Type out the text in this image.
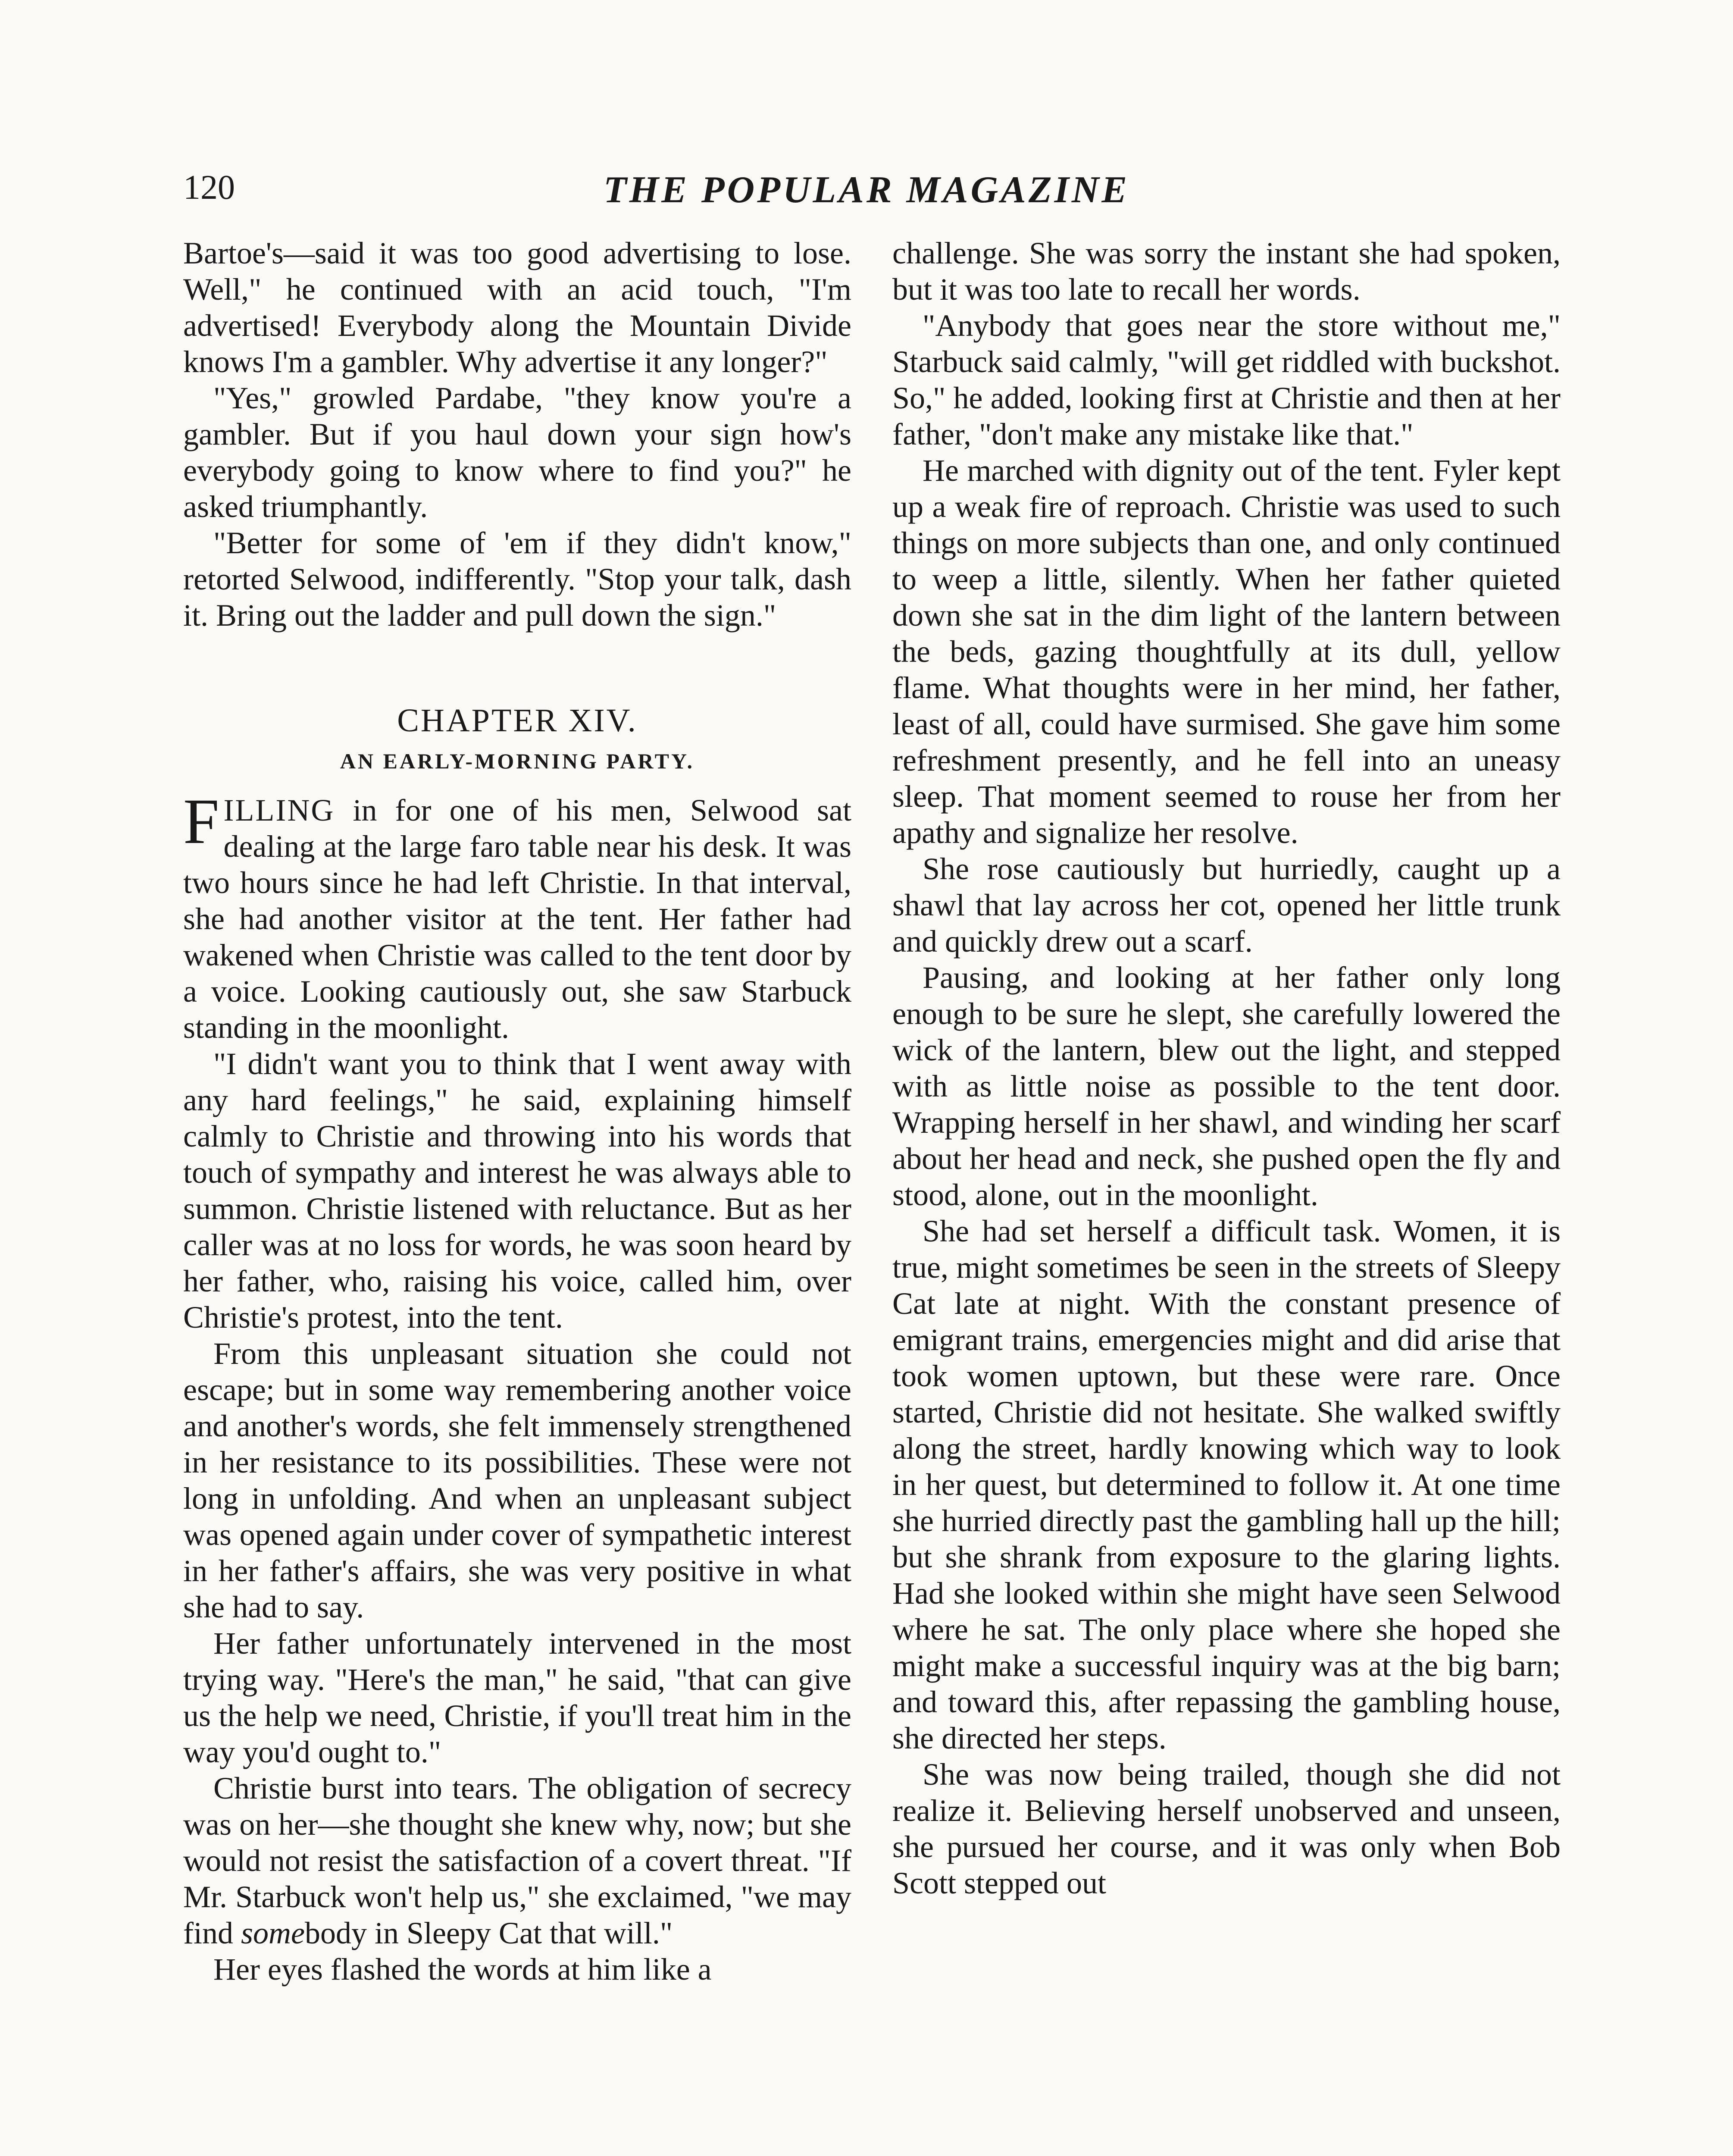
120	THE POPULAR MAGAZINE

Bartoe's—said it was too good advertising to lose. Well," he continued with an acid touch, "I'm advertised! Everybody along the Mountain Divide knows I'm a gambler. Why advertise it any longer?"

"Yes," growled Pardabe, "they know you're a gambler. But if you haul down your sign how's everybody going to know where to find you?" he asked triumphantly.

"Better for some of 'em if they didn't know," retorted Selwood, indifferently. "Stop your talk, dash it. Bring out the ladder and pull down the sign."

CHAPTER XIV.
AN EARLY-MORNING PARTY.

FILLING in for one of his men, Selwood sat dealing at the large faro table near his desk. It was two hours since he had left Christie. In that interval, she had another visitor at the tent. Her father had wakened when Christie was called to the tent door by a voice. Looking cautiously out, she saw Starbuck standing in the moonlight.

"I didn't want you to think that I went away with any hard feelings," he said, explaining himself calmly to Christie and throwing into his words that touch of sympathy and interest he was always able to summon. Christie listened with reluctance. But as her caller was at no loss for words, he was soon heard by her father, who, raising his voice, called him, over Christie's protest, into the tent.

From this unpleasant situation she could not escape; but in some way remembering another voice and another's words, she felt immensely strengthened in her resistance to its possibilities. These were not long in unfolding. And when an unpleasant subject was opened again under cover of sympathetic interest in her father's affairs, she was very positive in what she had to say.

Her father unfortunately intervened in the most trying way. "Here's the man," he said, "that can give us the help we need, Christie, if you'll treat him in the way you'd ought to."

Christie burst into tears. The obligation of secrecy was on her—she thought she knew why, now; but she would not resist the satisfaction of a covert threat. "If Mr. Starbuck won't help us," she exclaimed, "we may find somebody in Sleepy Cat that will."

Her eyes flashed the words at him like a

challenge. She was sorry the instant she had spoken, but it was too late to recall her words.

"Anybody that goes near the store without me," Starbuck said calmly, "will get riddled with buckshot. So," he added, looking first at Christie and then at her father, "don't make any mistake like that."

He marched with dignity out of the tent. Fyler kept up a weak fire of reproach. Christie was used to such things on more subjects than one, and only continued to weep a little, silently. When her father quieted down she sat in the dim light of the lantern between the beds, gazing thoughtfully at its dull, yellow flame. What thoughts were in her mind, her father, least of all, could have surmised. She gave him some refreshment presently, and he fell into an uneasy sleep. That moment seemed to rouse her from her apathy and signalize her resolve.

She rose cautiously but hurriedly, caught up a shawl that lay across her cot, opened her little trunk and quickly drew out a scarf.

Pausing, and looking at her father only long enough to be sure he slept, she carefully lowered the wick of the lantern, blew out the light, and stepped with as little noise as possible to the tent door. Wrapping herself in her shawl, and winding her scarf about her head and neck, she pushed open the fly and stood, alone, out in the moonlight.

She had set herself a difficult task. Women, it is true, might sometimes be seen in the streets of Sleepy Cat late at night. With the constant presence of emigrant trains, emergencies might and did arise that took women uptown, but these were rare. Once started, Christie did not hesitate. She walked swiftly along the street, hardly knowing which way to look in her quest, but determined to follow it. At one time she hurried directly past the gambling hall up the hill; but she shrank from exposure to the glaring lights. Had she looked within she might have seen Selwood where he sat. The only place where she hoped she might make a successful inquiry was at the big barn; and toward this, after repassing the gambling house, she directed her steps.

She was now being trailed, though she did not realize it. Believing herself unobserved and unseen, she pursued her course, and it was only when Bob Scott stepped out
